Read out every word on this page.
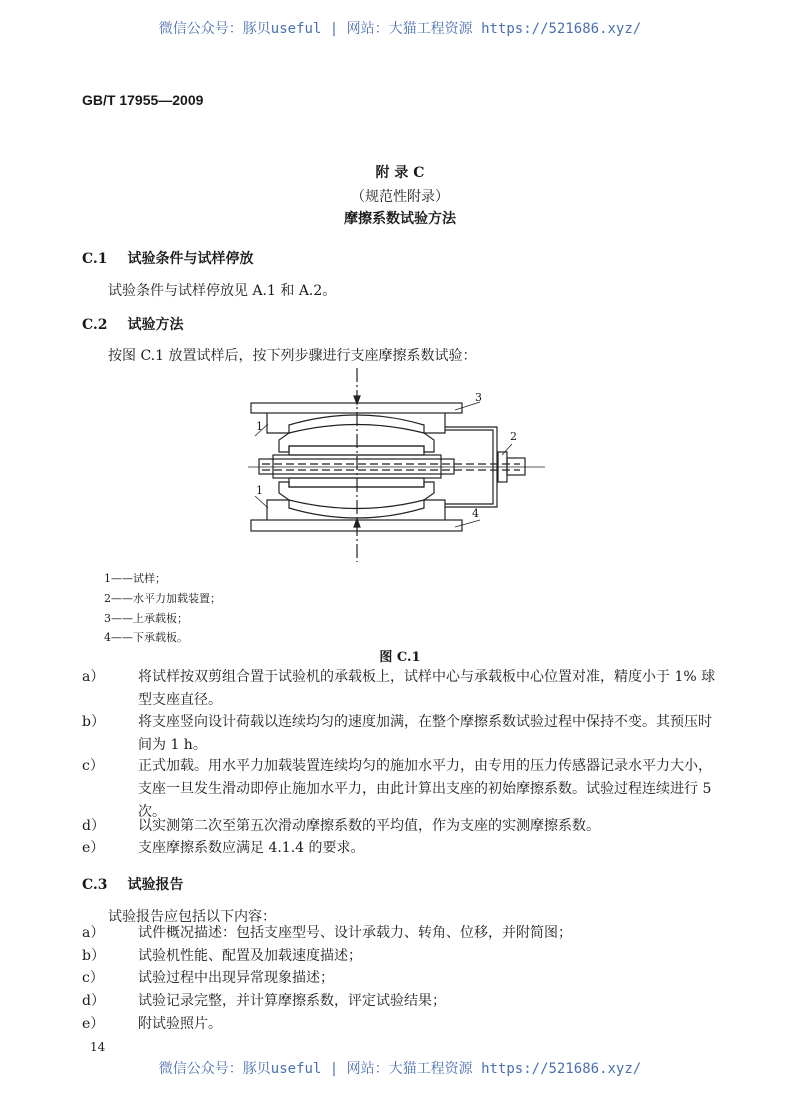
微信公众号：豚贝useful | 网站：大猫工程资源 https://521686.xyz/
GB/T 17955—2009
附 录 C
（规范性附录）
摩擦系数试验方法
C.1 试验条件与试样停放
试验条件与试样停放见 A.1 和 A.2。
C.2 试验方法
按图 C.1 放置试样后，按下列步骤进行支座摩擦系数试验：
1
1
2
3
4
1——试样；
2——水平力加载装置；
3——上承载板；
4——下承载板。
图 C.1
a） 将试样按双剪组合置于试验机的承载板上，试样中心与承载板中心位置对准，精度小于 1% 球型支座直径。
b） 将支座竖向设计荷载以连续均匀的速度加满，在整个摩擦系数试验过程中保持不变。其预压时间为 1 h。
c） 正式加载。用水平力加载装置连续均匀的施加水平力，由专用的压力传感器记录水平力大小，支座一旦发生滑动即停止施加水平力，由此计算出支座的初始摩擦系数。试验过程连续进行 5 次。
d） 以实测第二次至第五次滑动摩擦系数的平均值，作为支座的实测摩擦系数。
e） 支座摩擦系数应满足 4.1.4 的要求。
C.3 试验报告
试验报告应包括以下内容：
a） 试件概况描述：包括支座型号、设计承载力、转角、位移，并附简图；
b） 试验机性能、配置及加载速度描述；
c） 试验过程中出现异常现象描述；
d） 试验记录完整，并计算摩擦系数，评定试验结果；
e） 附试验照片。
14
微信公众号：豚贝useful | 网站：大猫工程资源 https://521686.xyz/
